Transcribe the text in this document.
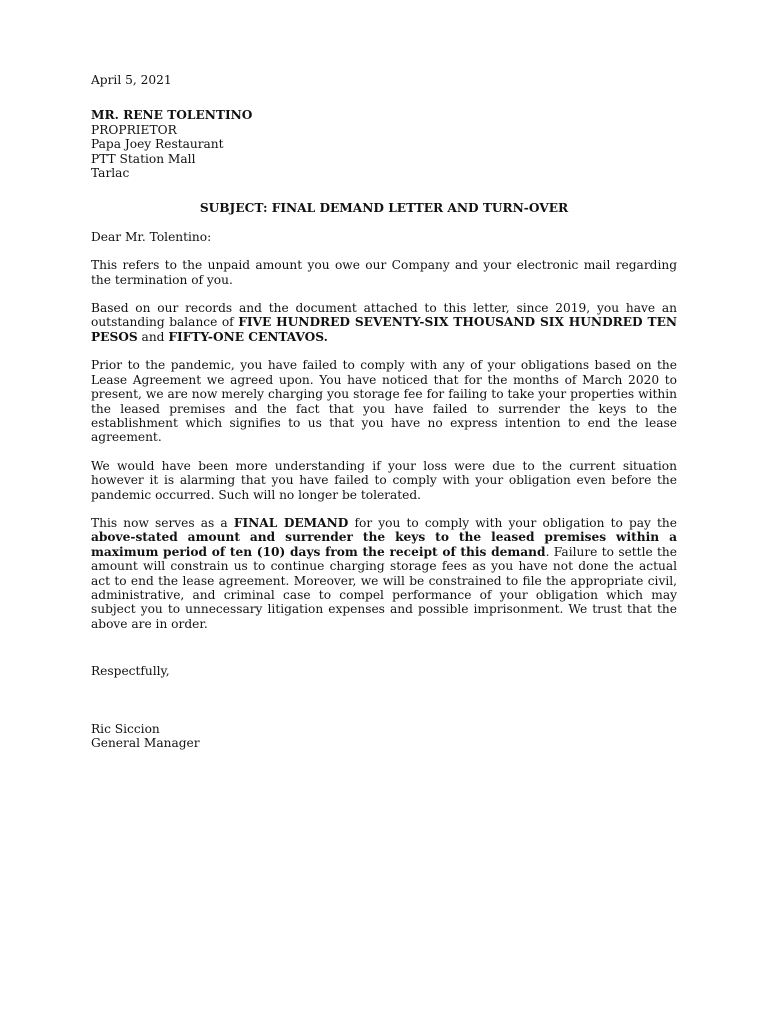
April 5, 2021
MR. RENE TOLENTINO
PROPRIETOR
Papa Joey Restaurant
PTT Station Mall
Tarlac
SUBJECT: FINAL DEMAND LETTER AND TURN-OVER
Dear Mr. Tolentino:

This refers to the unpaid amount you owe our Company and your electronic mail regarding the termination of you.

Based on our records and the document attached to this letter, since 2019, you have an outstanding balance of FIVE HUNDRED SEVENTY-SIX THOUSAND SIX HUNDRED TEN PESOS and FIFTY-ONE CENTAVOS.

Prior to the pandemic, you have failed to comply with any of your obligations based on the Lease Agreement we agreed upon. You have noticed that for the months of March 2020 to present, we are now merely charging you storage fee for failing to take your properties within the leased premises and the fact that you have failed to surrender the keys to the establishment which signifies to us that you have no express intention to end the lease agreement.

We would have been more understanding if your loss were due to the current situation however it is alarming that you have failed to comply with your obligation even before the pandemic occurred. Such will no longer be tolerated.

This now serves as a FINAL DEMAND for you to comply with your obligation to pay the above-stated amount and surrender the keys to the leased premises within a maximum period of ten (10) days from the receipt of this demand. Failure to settle the amount will constrain us to continue charging storage fees as you have not done the actual act to end the lease agreement. Moreover, we will be constrained to file the appropriate civil, administrative, and criminal case to compel performance of your obligation which may subject you to unnecessary litigation expenses and possible imprisonment. We trust that the above are in order.

Respectfully,
Ric Siccion
General Manager
